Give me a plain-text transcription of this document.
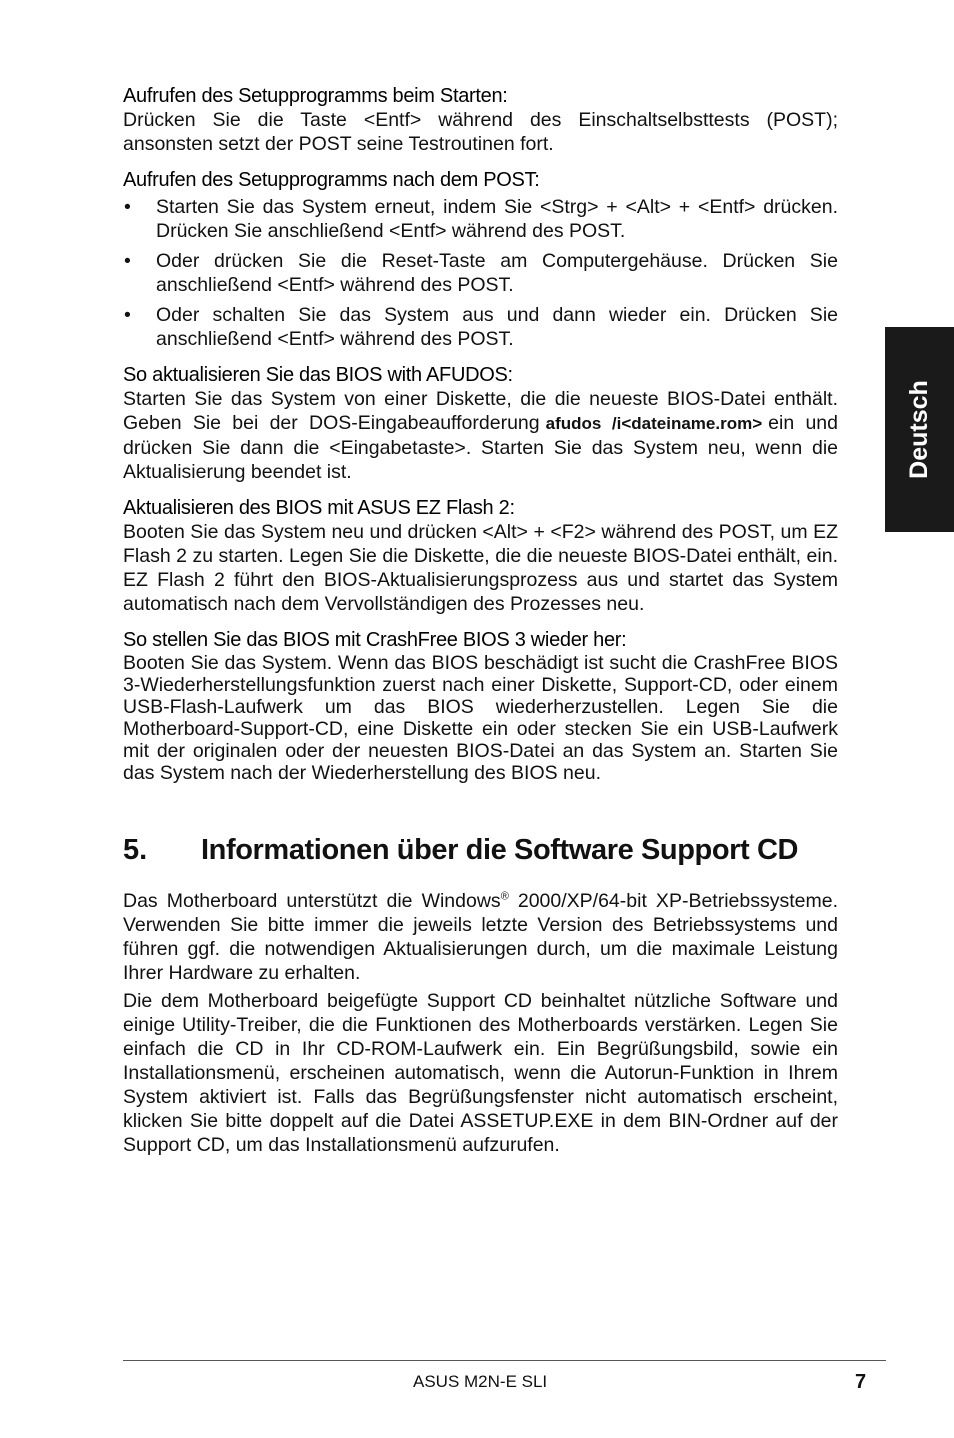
Deutsch
Aufrufen des Setupprogramms beim Starten:

Drücken Sie die Taste <Entf> während des Einschaltselbsttests (POST); ansonsten setzt der POST seine Testroutinen fort.

Aufrufen des Setupprogramms nach dem POST:
• Starten Sie das System erneut, indem Sie <Strg> + <Alt> + <Entf> drücken. Drücken Sie anschließend <Entf> während des POST.
• Oder drücken Sie die Reset-Taste am Computergehäuse. Drücken Sie anschließend <Entf> während des POST.
• Oder schalten Sie das System aus und dann wieder ein. Drücken Sie anschließend <Entf> während des POST.
So aktualisieren Sie das BIOS with AFUDOS:

Starten Sie das System von einer Diskette, die die neueste BIOS-Datei enthält. Geben Sie bei der DOS-Eingabeaufforderung afudos /i<dateiname.rom> ein und drücken Sie dann die <Eingabetaste>. Starten Sie das System neu, wenn die Aktualisierung beendet ist.

Aktualisieren des BIOS mit ASUS EZ Flash 2:

Booten Sie das System neu und drücken <Alt> + <F2> während des POST, um EZ Flash 2 zu starten. Legen Sie die Diskette, die die neueste BIOS-Datei enthält, ein. EZ Flash 2 führt den BIOS-Aktualisierungsprozess aus und startet das System automatisch nach dem Vervollständigen des Prozesses neu.

So stellen Sie das BIOS mit CrashFree BIOS 3 wieder her:

Booten Sie das System. Wenn das BIOS beschädigt ist sucht die CrashFree BIOS 3-Wiederherstellungsfunktion zuerst nach einer Diskette, Support-CD, oder einem USB-Flash-Laufwerk um das BIOS wiederherzustellen. Legen Sie die Motherboard-Support-CD, eine Diskette ein oder stecken Sie ein USB-Laufwerk mit der originalen oder der neuesten BIOS-Datei an das System an. Starten Sie das System nach der Wiederherstellung des BIOS neu.

5.	Informationen über die Software Support CD

Das Motherboard unterstützt die Windows® 2000/XP/64-bit XP-Betriebssysteme. Verwenden Sie bitte immer die jeweils letzte Version des Betriebssystems und führen ggf. die notwendigen Aktualisierungen durch, um die maximale Leistung Ihrer Hardware zu erhalten.

Die dem Motherboard beigefügte Support CD beinhaltet nützliche Software und einige Utility-Treiber, die die Funktionen des Motherboards verstärken. Legen Sie einfach die CD in Ihr CD-ROM-Laufwerk ein. Ein Begrüßungsbild, sowie ein Installationsmenü, erscheinen automatisch, wenn die Autorun-Funktion in Ihrem System aktiviert ist. Falls das Begrüßungsfenster nicht automatisch erscheint, klicken Sie bitte doppelt auf die Datei ASSETUP.EXE in dem BIN-Ordner auf der Support CD, um das Installationsmenü aufzurufen.

ASUS M2N-E SLI	7
